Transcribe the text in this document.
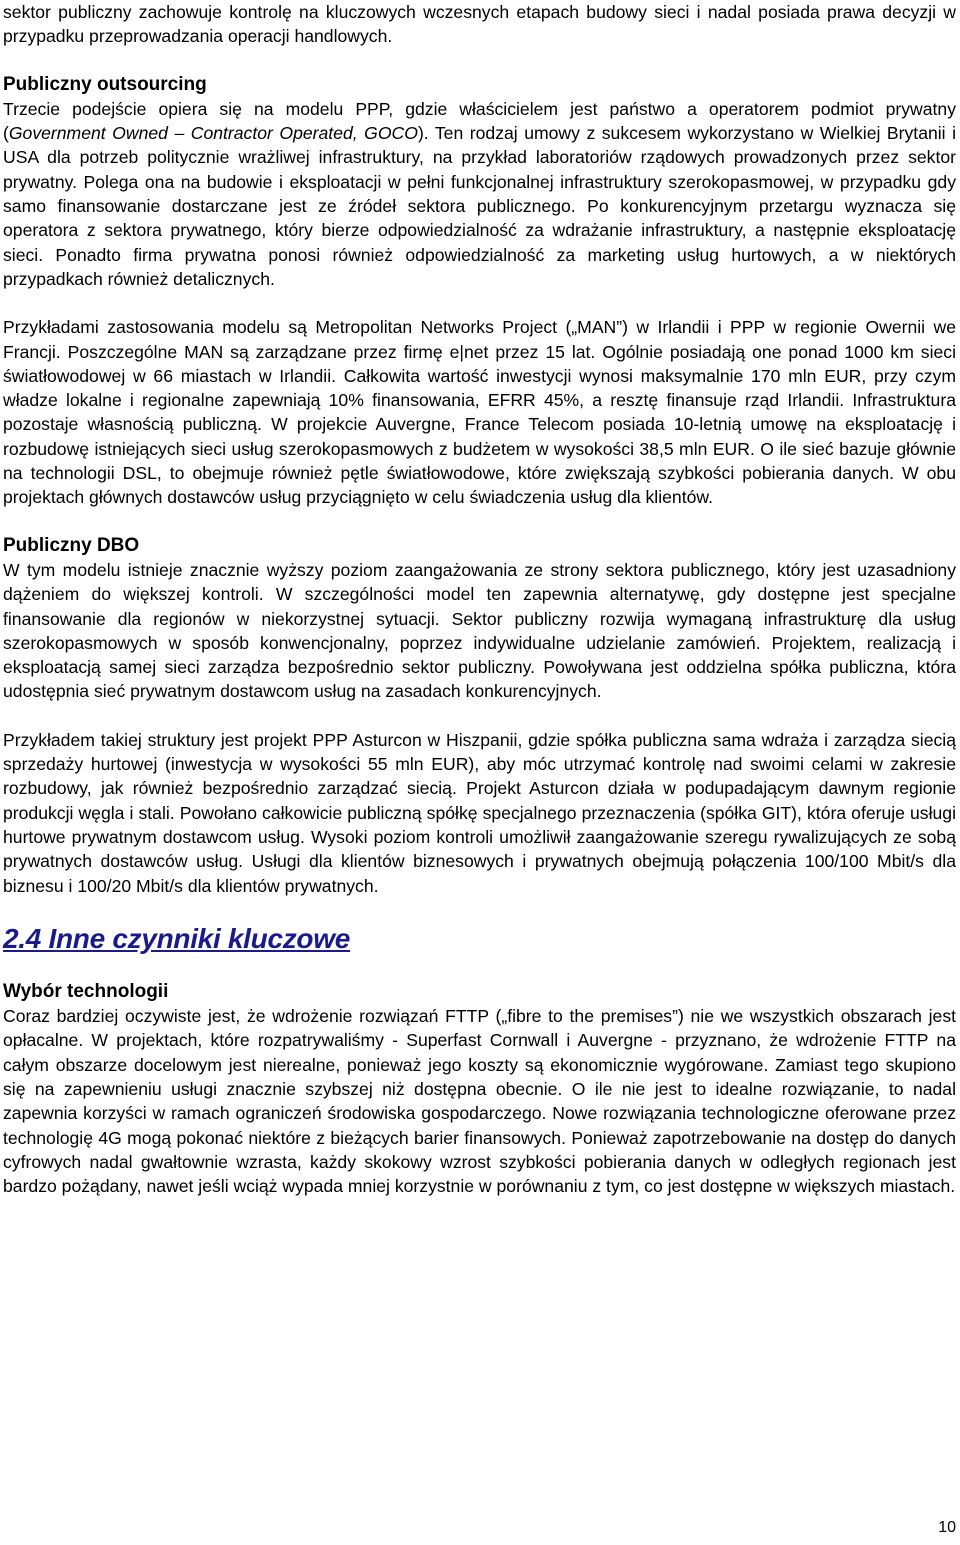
sektor publiczny zachowuje kontrolę na kluczowych wczesnych etapach budowy sieci i nadal posiada prawa decyzji w przypadku przeprowadzania operacji handlowych.

Publiczny outsourcing

Trzecie podejście opiera się na modelu PPP, gdzie właścicielem jest państwo a operatorem podmiot prywatny (Government Owned – Contractor Operated, GOCO). Ten rodzaj umowy z sukcesem wykorzystano w Wielkiej Brytanii i USA dla potrzeb politycznie wrażliwej infrastruktury, na przykład laboratoriów rządowych prowadzonych przez sektor prywatny. Polega ona na budowie i eksploatacji w pełni funkcjonalnej infrastruktury szerokopasmowej, w przypadku gdy samo finansowanie dostarczane jest ze źródeł sektora publicznego. Po konkurencyjnym przetargu wyznacza się operatora z sektora prywatnego, który bierze odpowiedzialność za wdrażanie infrastruktury, a następnie eksploatację sieci. Ponadto firma prywatna ponosi również odpowiedzialność za marketing usług hurtowych, a w niektórych przypadkach również detalicznych.

Przykładami zastosowania modelu są Metropolitan Networks Project („MAN”) w Irlandii i PPP w regionie Owernii we Francji. Poszczególne MAN są zarządzane przez firmę e|net przez 15 lat. Ogólnie posiadają one ponad 1000 km sieci światłowodowej w 66 miastach w Irlandii. Całkowita wartość inwestycji wynosi maksymalnie 170 mln EUR, przy czym władze lokalne i regionalne zapewniają 10% finansowania, EFRR 45%, a resztę finansuje rząd Irlandii. Infrastruktura pozostaje własnością publiczną. W projekcie Auvergne, France Telecom posiada 10-letnią umowę na eksploatację i rozbudowę istniejących sieci usług szerokopasmowych z budżetem w wysokości 38,5 mln EUR. O ile sieć bazuje głównie na technologii DSL, to obejmuje również pętle światłowodowe, które zwiększają szybkości pobierania danych. W obu projektach głównych dostawców usług przyciągnięto w celu świadczenia usług dla klientów.

Publiczny DBO

W tym modelu istnieje znacznie wyższy poziom zaangażowania ze strony sektora publicznego, który jest uzasadniony dążeniem do większej kontroli. W szczególności model ten zapewnia alternatywę, gdy dostępne jest specjalne finansowanie dla regionów w niekorzystnej sytuacji. Sektor publiczny rozwija wymaganą infrastrukturę dla usług szerokopasmowych w sposób konwencjonalny, poprzez indywidualne udzielanie zamówień. Projektem, realizacją i eksploatacją samej sieci zarządza bezpośrednio sektor publiczny. Powoływana jest oddzielna spółka publiczna, która udostępnia sieć prywatnym dostawcom usług na zasadach konkurencyjnych.

Przykładem takiej struktury jest projekt PPP Asturcon w Hiszpanii, gdzie spółka publiczna sama wdraża i zarządza siecią sprzedaży hurtowej (inwestycja w wysokości 55 mln EUR), aby móc utrzymać kontrolę nad swoimi celami w zakresie rozbudowy, jak również bezpośrednio zarządzać siecią. Projekt Asturcon działa w podupadającym dawnym regionie produkcji węgla i stali. Powołano całkowicie publiczną spółkę specjalnego przeznaczenia (spółka GIT), która oferuje usługi hurtowe prywatnym dostawcom usług. Wysoki poziom kontroli umożliwił zaangażowanie szeregu rywalizujących ze sobą prywatnych dostawców usług. Usługi dla klientów biznesowych i prywatnych obejmują połączenia 100/100 Mbit/s dla biznesu i 100/20 Mbit/s dla klientów prywatnych.

2.4 Inne czynniki kluczowe

Wybór technologii

Coraz bardziej oczywiste jest, że wdrożenie rozwiązań FTTP („fibre to the premises”) nie we wszystkich obszarach jest opłacalne. W projektach, które rozpatrywaliśmy - Superfast Cornwall i Auvergne - przyznano, że wdrożenie FTTP na całym obszarze docelowym jest nierealne, ponieważ jego koszty są ekonomicznie wygórowane. Zamiast tego skupiono się na zapewnieniu usługi znacznie szybszej niż dostępna obecnie. O ile nie jest to idealne rozwiązanie, to nadal zapewnia korzyści w ramach ograniczeń środowiska gospodarczego. Nowe rozwiązania technologiczne oferowane przez technologię 4G mogą pokonać niektóre z bieżących barier finansowych. Ponieważ zapotrzebowanie na dostęp do danych cyfrowych nadal gwałtownie wzrasta, każdy skokowy wzrost szybkości pobierania danych w odległych regionach jest bardzo pożądany, nawet jeśli wciąż wypada mniej korzystnie w porównaniu z tym, co jest dostępne w większych miastach.

10
